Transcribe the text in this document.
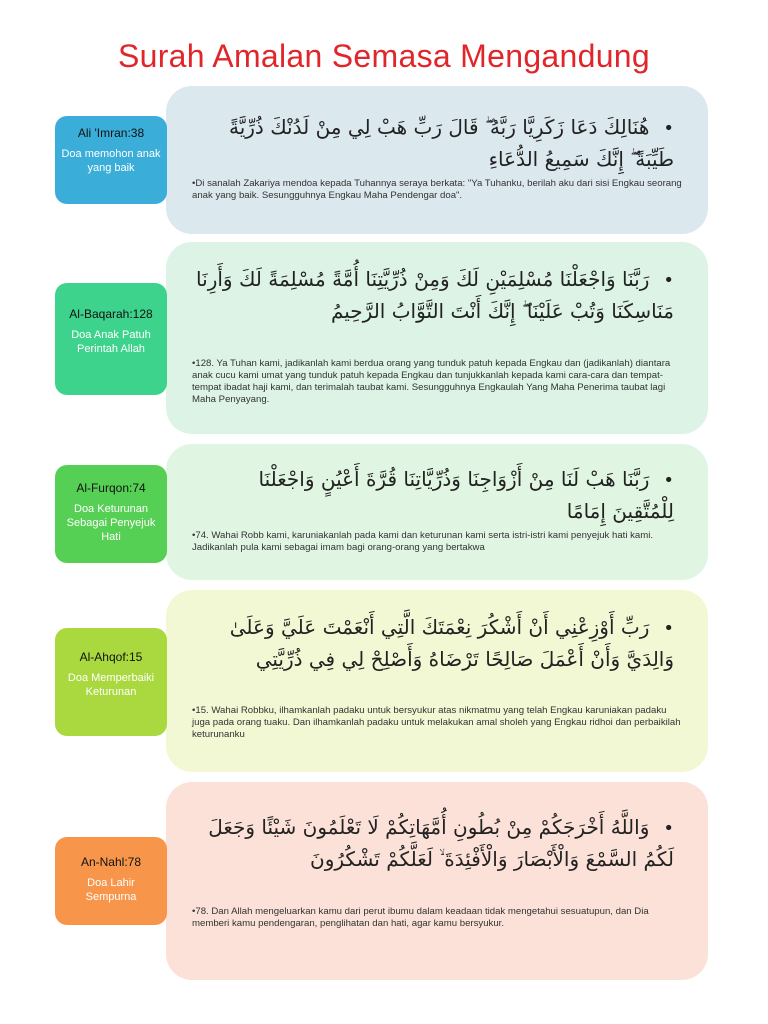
Surah Amalan Semasa Mengandung
•هُنَالِكَ دَعَا زَكَرِيَّا رَبَّهُ ۖ قَالَ رَبِّ هَبْ لِي مِنْ لَدُنْكَ ذُرِّيَّةً طَيِّبَةً ۖ إِنَّكَ سَمِيعُ الدُّعَاءِ
•Di sanalah Zakariya mendoa kepada Tuhannya seraya berkata: "Ya Tuhanku, berilah aku dari sisi Engkau seorang anak yang baik. Sesungguhnya Engkau Maha Pendengar doa".
Ali 'Imran:38
Doa memohon anak yang baik
•رَبَّنَا وَاجْعَلْنَا مُسْلِمَيْنِ لَكَ وَمِنْ ذُرِّيَّتِنَا أُمَّةً مُسْلِمَةً لَكَ وَأَرِنَا مَنَاسِكَنَا وَتُبْ عَلَيْنَا ۖ إِنَّكَ أَنْتَ التَّوَّابُ الرَّحِيمُ
•128. Ya Tuhan kami, jadikanlah kami berdua orang yang tunduk patuh kepada Engkau dan (jadikanlah) diantara anak cucu kami umat yang tunduk patuh kepada Engkau dan tunjukkanlah kepada kami cara-cara dan tempat-tempat ibadat haji kami, dan terimalah taubat kami. Sesungguhnya Engkaulah Yang Maha Penerima taubat lagi Maha Penyayang.
Al-Baqarah:128
Doa Anak Patuh Perintah Allah
•رَبَّنَا هَبْ لَنَا مِنْ أَزْوَاجِنَا وَذُرِّيَّاتِنَا قُرَّةَ أَعْيُنٍ وَاجْعَلْنَا لِلْمُتَّقِينَ إِمَامًا
•74. Wahai Robb kami, karuniakanlah pada kami dan keturunan kami serta istri-istri kami penyejuk hati kami. Jadikanlah pula kami sebagai imam bagi orang-orang yang bertakwa
Al-Furqon:74
Doa Keturunan Sebagai Penyejuk Hati
•رَبِّ أَوْزِعْنِي أَنْ أَشْكُرَ نِعْمَتَكَ الَّتِي أَنْعَمْتَ عَلَيَّ وَعَلَىٰ وَالِدَيَّ وَأَنْ أَعْمَلَ صَالِحًا تَرْضَاهُ وَأَصْلِحْ لِي فِي ذُرِّيَّتِي
•15. Wahai Robbku, ilhamkanlah padaku untuk bersyukur atas nikmatmu yang telah Engkau karuniakan padaku juga pada orang tuaku. Dan ilhamkanlah padaku untuk melakukan amal sholeh yang Engkau ridhoi dan perbaikilah keturunanku
Al-Ahqof:15
Doa Memperbaiki Keturunan
•وَاللَّهُ أَخْرَجَكُمْ مِنْ بُطُونِ أُمَّهَاتِكُمْ لَا تَعْلَمُونَ شَيْئًا وَجَعَلَ لَكُمُ السَّمْعَ وَالْأَبْصَارَ وَالْأَفْئِدَةَ ۙ لَعَلَّكُمْ تَشْكُرُونَ
•78. Dan Allah mengeluarkan kamu dari perut ibumu dalam keadaan tidak mengetahui sesuatupun, dan Dia memberi kamu pendengaran, penglihatan dan hati, agar kamu bersyukur.
An-Nahl:78
Doa Lahir Sempurna
